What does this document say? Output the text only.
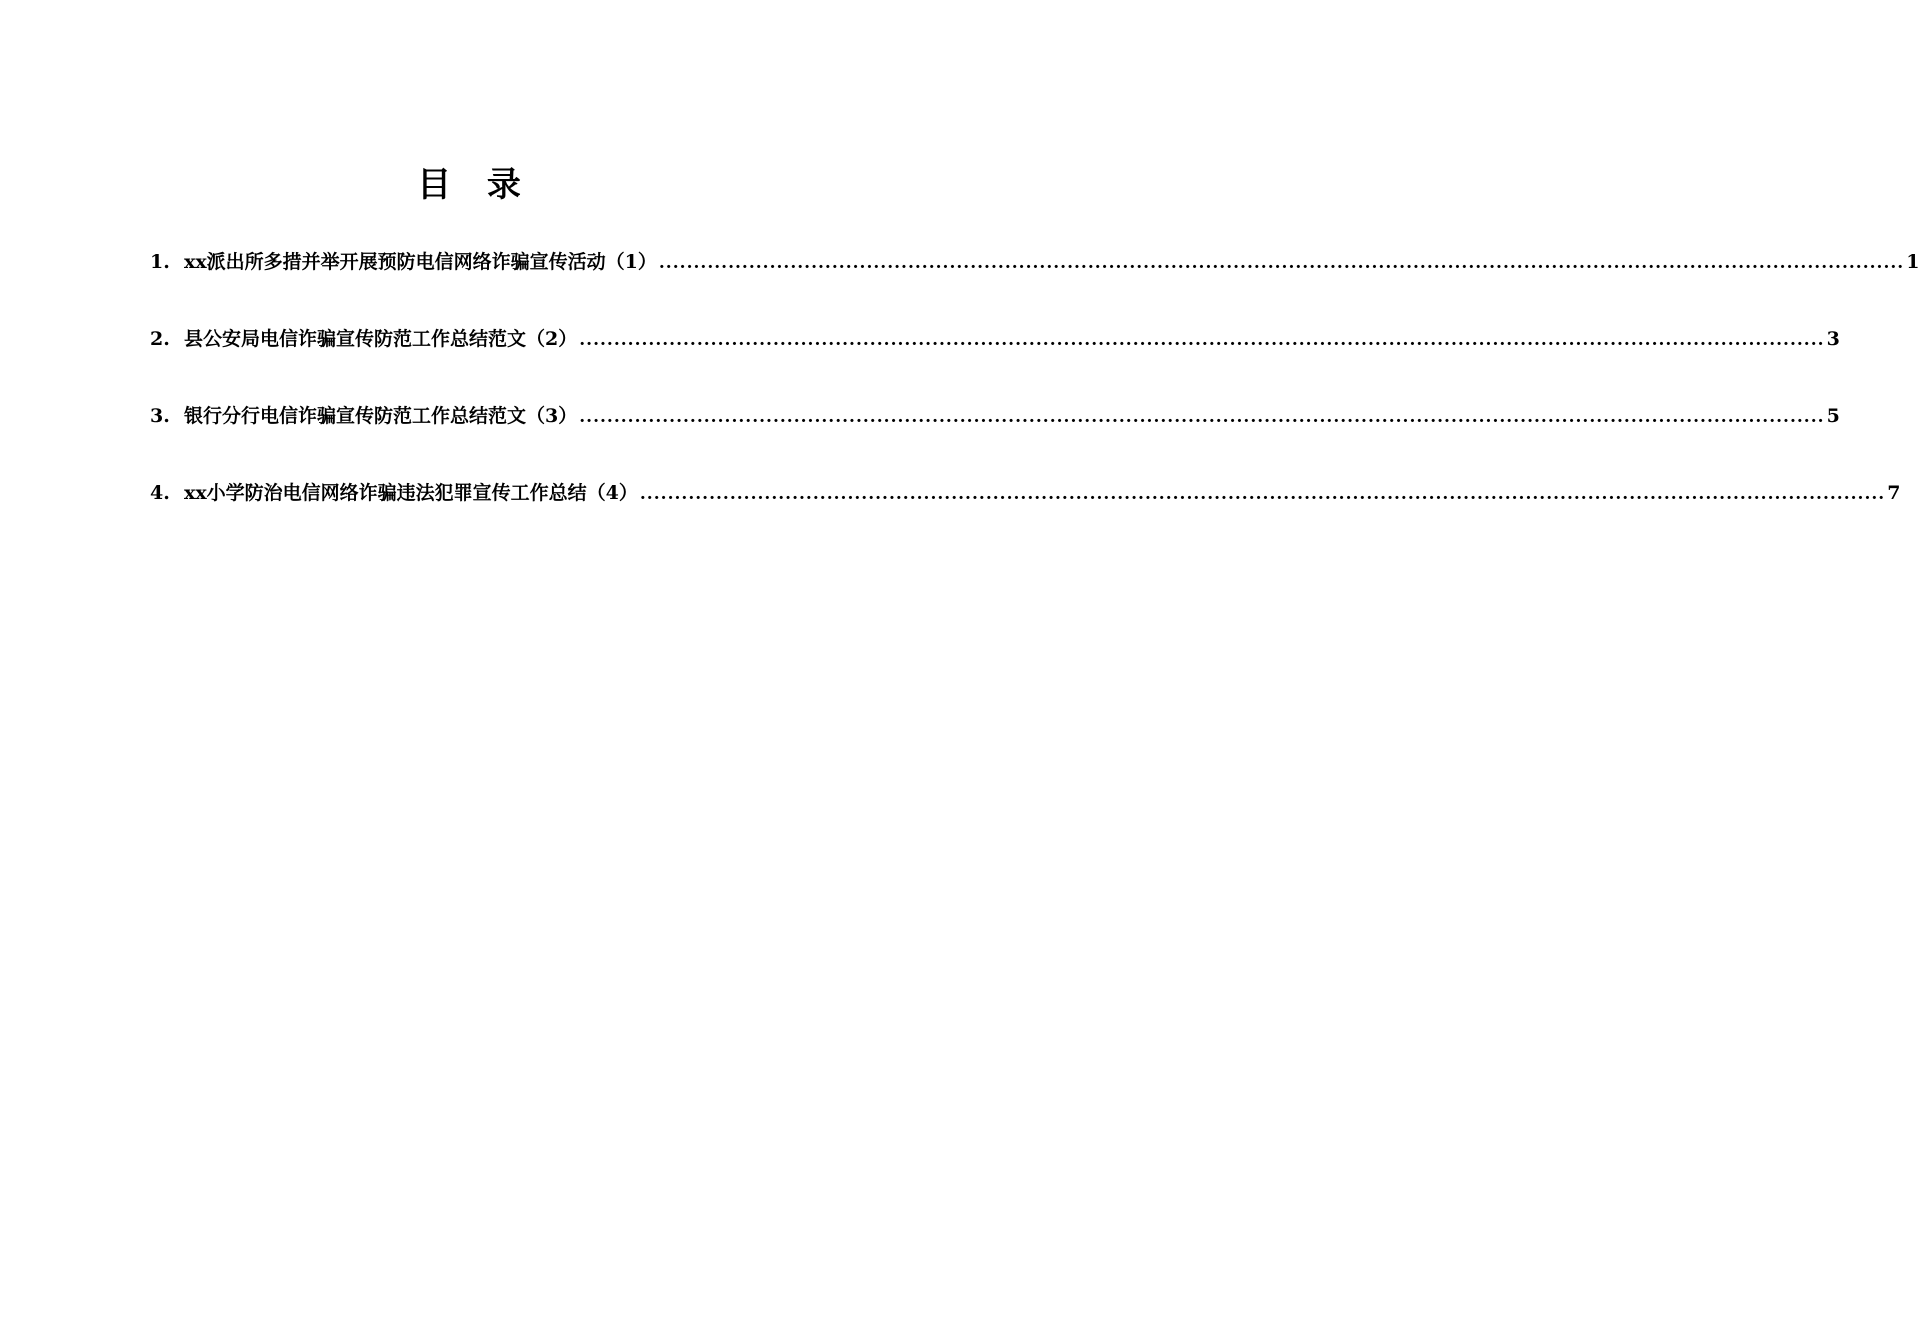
目 录
1. xx派出所多措并举开展预防电信网络诈骗宣传活动（1） .....	1
2. 县公安局电信诈骗宣传防范工作总结范文（2） .....	3
3. 银行分行电信诈骗宣传防范工作总结范文（3） .....	5
4. xx小学防治电信网络诈骗违法犯罪宣传工作总结（4） .....	7
